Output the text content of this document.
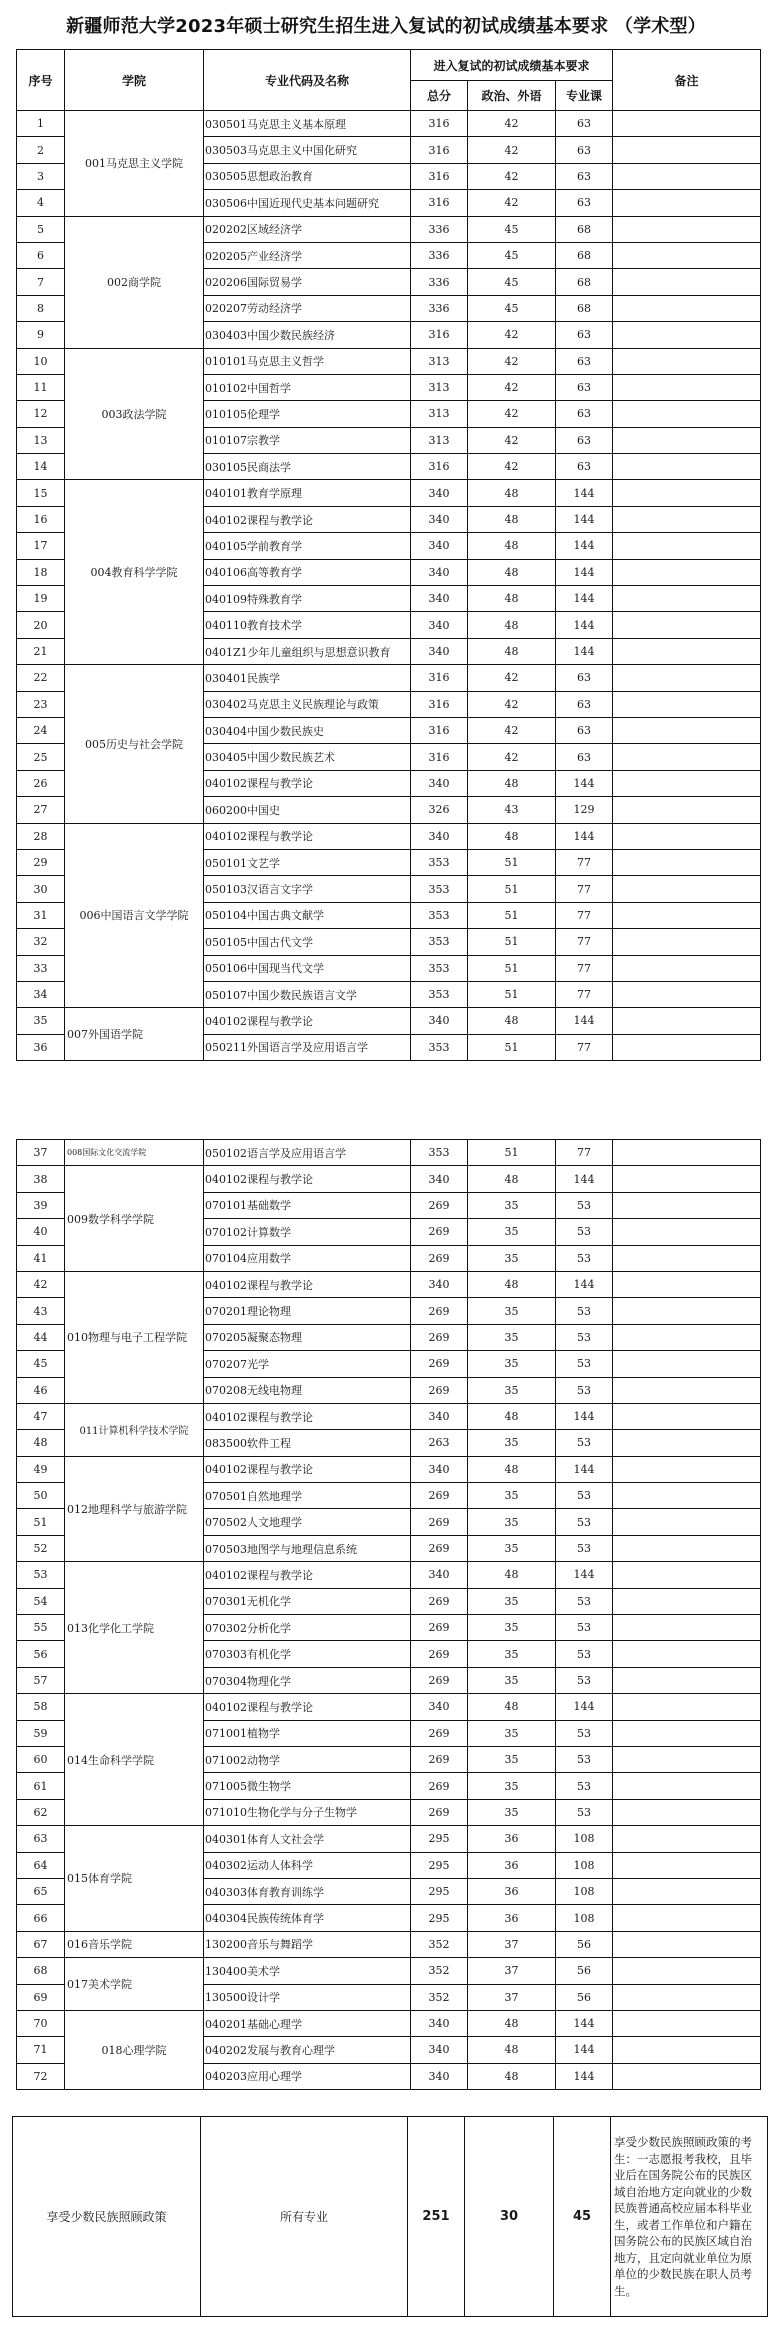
新疆师范大学2023年硕士研究生招生进入复试的初试成绩基本要求 （学术型）
序号	学院	专业代码及名称	进入复试的初试成绩基本要求			备注
			总分	政治、外语	专业课	
1	001马克思主义学院	030501马克思主义基本原理	316	42	63	
2		030503马克思主义中国化研究	316	42	63	
3		030505思想政治教育	316	42	63	
4		030506中国近现代史基本问题研究	316	42	63	
5	002商学院	020202区域经济学	336	45	68	
6		020205产业经济学	336	45	68	
7		020206国际贸易学	336	45	68	
8		020207劳动经济学	336	45	68	
9		030403中国少数民族经济	316	42	63	
10	003政法学院	010101马克思主义哲学	313	42	63	
11		010102中国哲学	313	42	63	
12		010105伦理学	313	42	63	
13		010107宗教学	313	42	63	
14		030105民商法学	316	42	63	
15	004教育科学学院	040101教育学原理	340	48	144	
16		040102课程与教学论	340	48	144	
17		040105学前教育学	340	48	144	
18		040106高等教育学	340	48	144	
19		040109特殊教育学	340	48	144	
20		040110教育技术学	340	48	144	
21		0401Z1少年儿童组织与思想意识教育	340	48	144	
22	005历史与社会学院	030401民族学	316	42	63	
23		030402马克思主义民族理论与政策	316	42	63	
24		030404中国少数民族史	316	42	63	
25		030405中国少数民族艺术	316	42	63	
26		040102课程与教学论	340	48	144	
27		060200中国史	326	43	129	
28	006中国语言文学学院	040102课程与教学论	340	48	144	
29		050101文艺学	353	51	77	
30		050103汉语言文字学	353	51	77	
31		050104中国古典文献学	353	51	77	
32		050105中国古代文学	353	51	77	
33		050106中国现当代文学	353	51	77	
34		050107中国少数民族语言文学	353	51	77	
35	007外国语学院	040102课程与教学论	340	48	144	
36		050211外国语言学及应用语言学	353	51	77	
37	008国际文化交流学院	050102语言学及应用语言学	353	51	77	
38	009数学科学学院	040102课程与教学论	340	48	144	
39		070101基础数学	269	35	53	
40		070102计算数学	269	35	53	
41		070104应用数学	269	35	53	
42	010物理与电子工程学院	040102课程与教学论	340	48	144	
43		070201理论物理	269	35	53	
44		070205凝聚态物理	269	35	53	
45		070207光学	269	35	53	
46		070208无线电物理	269	35	53	
47	011计算机科学技术学院	040102课程与教学论	340	48	144	
48		083500软件工程	263	35	53	
49	012地理科学与旅游学院	040102课程与教学论	340	48	144	
50		070501自然地理学	269	35	53	
51		070502人文地理学	269	35	53	
52		070503地图学与地理信息系统	269	35	53	
53	013化学化工学院	040102课程与教学论	340	48	144	
54		070301无机化学	269	35	53	
55		070302分析化学	269	35	53	
56		070303有机化学	269	35	53	
57		070304物理化学	269	35	53	
58	014生命科学学院	040102课程与教学论	340	48	144	
59		071001植物学	269	35	53	
60		071002动物学	269	35	53	
61		071005微生物学	269	35	53	
62		071010生物化学与分子生物学	269	35	53	
63	015体育学院	040301体育人文社会学	295	36	108	
64		040302运动人体科学	295	36	108	
65		040303体育教育训练学	295	36	108	
66		040304民族传统体育学	295	36	108	
67	016音乐学院	130200音乐与舞蹈学	352	37	56	
68	017美术学院	130400美术学	352	37	56	
69		130500设计学	352	37	56	
70	018心理学院	040201基础心理学	340	48	144	
71		040202发展与教育心理学	340	48	144	
72		040203应用心理学	340	48	144	
享受少数民族照顾政策	所有专业	251	30	45	享受少数民族照顾政策的考生：一志愿报考我校，且毕业后在国务院公布的民族区域自治地方定向就业的少数民族普通高校应届本科毕业生，或者工作单位和户籍在国务院公布的民族区域自治地方，且定向就业单位为原单位的少数民族在职人员考生。
